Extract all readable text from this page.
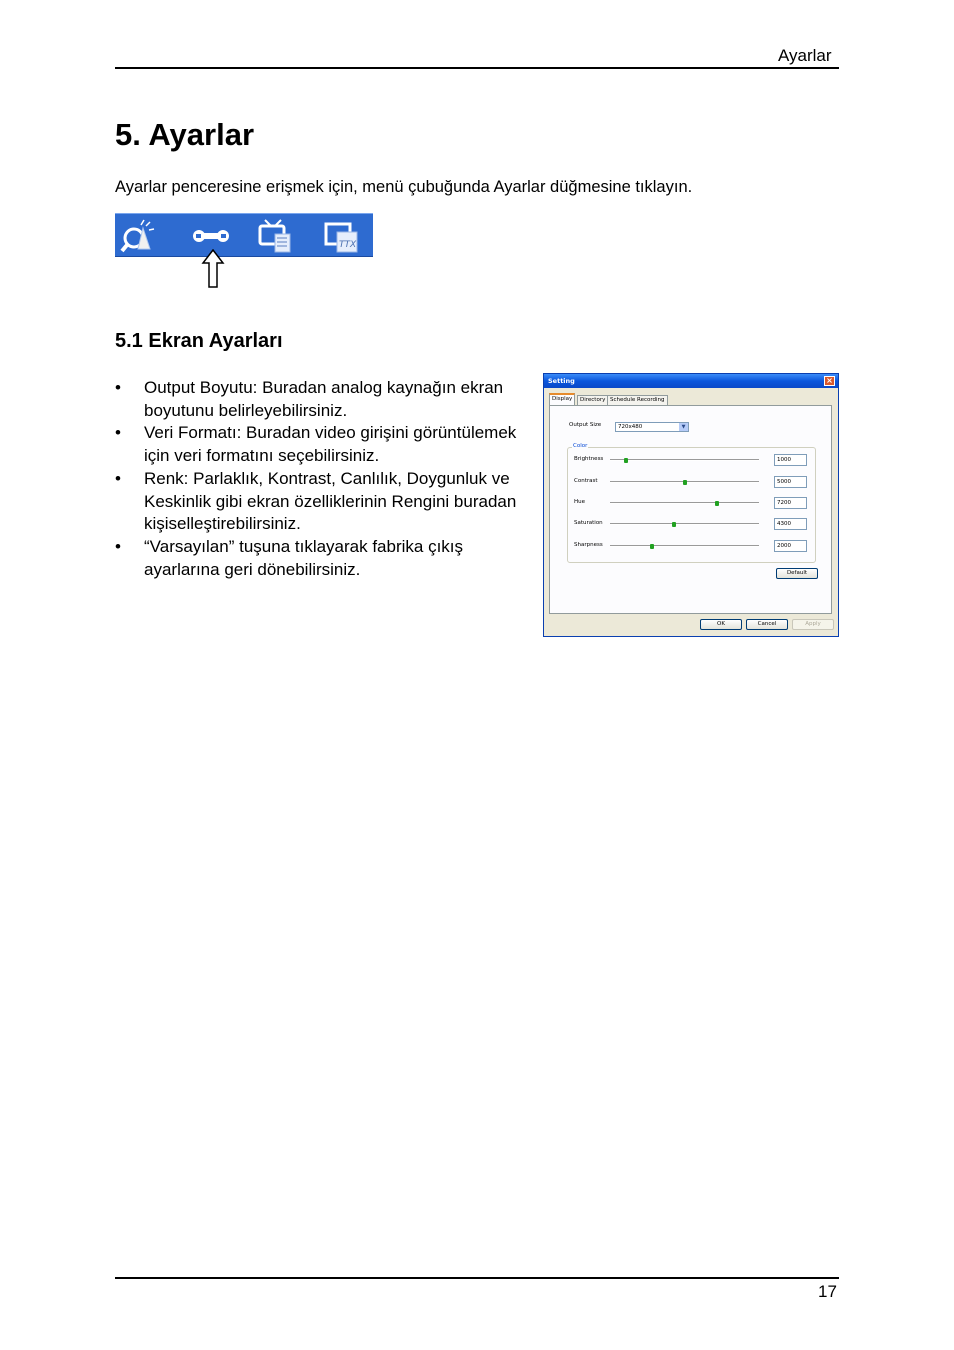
Ayarlar
5. Ayarlar
Ayarlar penceresine erişmek için, menü çubuğunda Ayarlar düğmesine tıklayın.
TTX
5.1 Ekran Ayarları
• Output Boyutu: Buradan analog kaynağın ekran boyutunu belirleyebilirsiniz.
• Veri Formatı: Buradan video girişini görüntülemek için veri formatını seçebilirsiniz.
• Renk: Parlaklık, Kontrast, Canlılık, Doygunluk ve Keskinlik gibi ekran özelliklerinin Rengini buradan kişiselleştirebilirsiniz.
• “Varsayılan” tuşuna tıklayarak fabrika çıkış ayarlarına geri dönebilirsiniz.
Setting	×
Display	Directory Schedule Recording
Output Size	720x480	▼
Color
Brightness	1000
Contrast	5000
Hue	7200
Saturation	4300
Sharpness	2000
Default
OK	Cancel	Apply
17
